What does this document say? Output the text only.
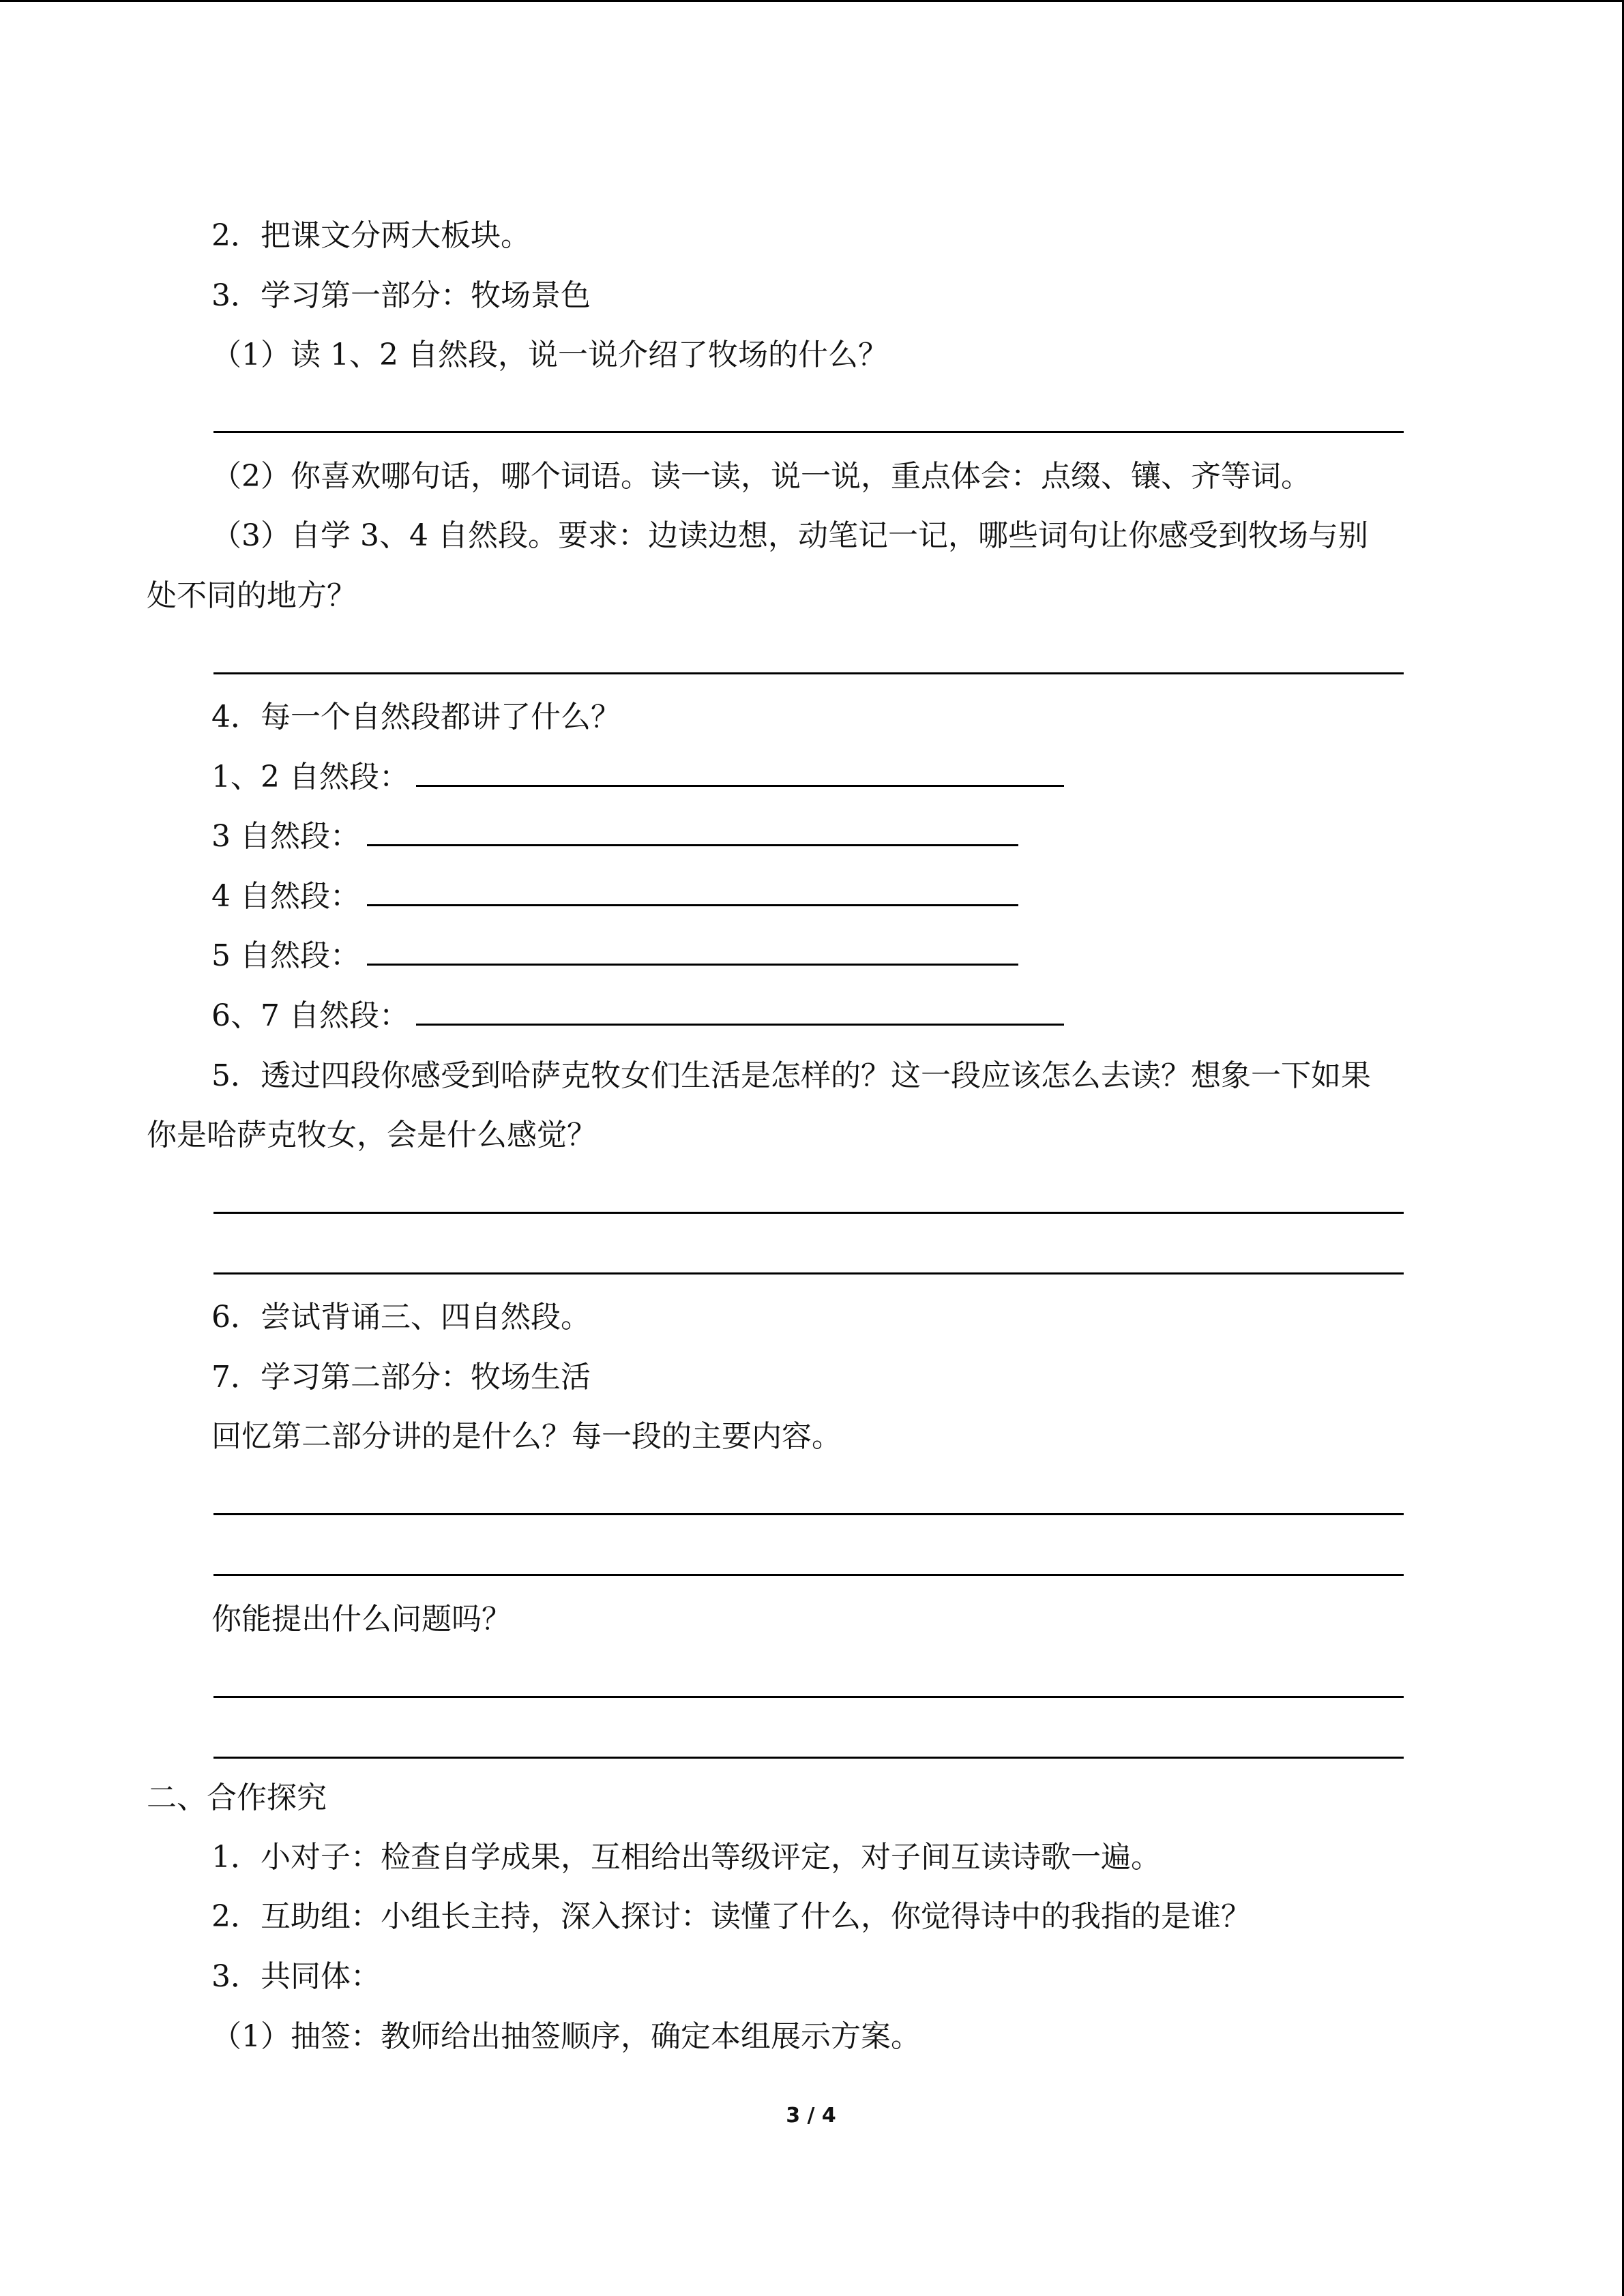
2．把课文分两大板块。
3．学习第一部分：牧场景色
（1）读 1、2 自然段，说一说介绍了牧场的什么？
（2）你喜欢哪句话，哪个词语。读一读，说一说，重点体会：点缀、镶、齐等词。
（3）自学 3、4 自然段。要求：边读边想，动笔记一记，哪些词句让你感受到牧场与别
处不同的地方？
4．每一个自然段都讲了什么？
1、2 自然段：
3 自然段：
4 自然段：
5 自然段：
6、7 自然段：
5．透过四段你感受到哈萨克牧女们生活是怎样的？这一段应该怎么去读？想象一下如果
你是哈萨克牧女，会是什么感觉？
6．尝试背诵三、四自然段。
7．学习第二部分：牧场生活
回忆第二部分讲的是什么？每一段的主要内容。
你能提出什么问题吗？
二、合作探究
1．小对子：检查自学成果，互相给出等级评定，对子间互读诗歌一遍。
2．互助组：小组长主持，深入探讨：读懂了什么，你觉得诗中的我指的是谁？
3．共同体：
（1）抽签：教师给出抽签顺序，确定本组展示方案。
3 / 4
